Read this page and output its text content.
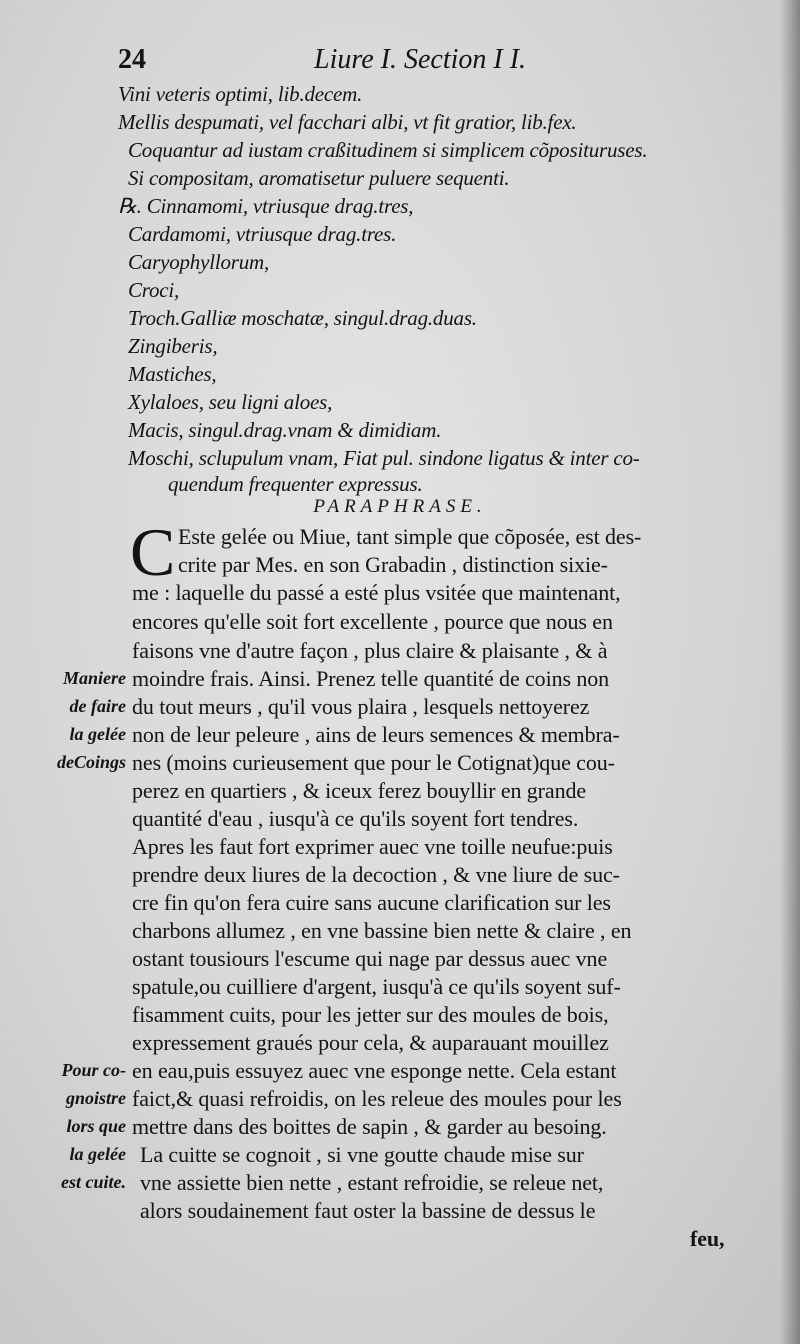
24	Liure I. Section I I.
Vini veteris optimi, lib.decem.
Mellis despumati, vel facchari albi, vt fit gratior, lib.fex.
Coquantur ad iustam craßitudinem si simplicem cõposituruses.
Si compositam, aromatisetur puluere sequenti.
℞. Cinnamomi, vtriusque drag.tres,
Cardamomi, vtriusque drag.tres.
Caryophyllorum,
Croci,
Troch.Galliæ moschatæ, singul.drag.duas.
Zingiberis,
Mastiches,
Xylaloes, seu ligni aloes,
Macis, singul.drag.vnam & dimidiam.
Moschi, sclupulum vnam, Fiat pul. sindone ligatus & inter co-
quendum frequenter expressus.
PARAPHRASE.
C Este gelée ou Miue, tant simple que cõposée, est des-
crite par Mes. en son Grabadin , distinction sixie-
me : laquelle du passé a esté plus vsitée que maintenant,
encores qu'elle soit fort excellente , pource que nous en
faisons vne d'autre façon , plus claire & plaisante , & à
moindre frais. Ainsi. Prenez telle quantité de coins non
du tout meurs , qu'il vous plaira , lesquels nettoyerez
non de leur peleure , ains de leurs semences & membra-
nes (moins curieusement que pour le Cotignat)que cou-
perez en quartiers , & iceux ferez bouyllir en grande
quantité d'eau , iusqu'à ce qu'ils soyent fort tendres.
Apres les faut fort exprimer auec vne toille neufue:puis
prendre deux liures de la decoction , & vne liure de suc-
cre fin qu'on fera cuire sans aucune clarification sur les
charbons allumez , en vne bassine bien nette & claire , en
ostant tousiours l'escume qui nage par dessus auec vne
spatule,ou cuilliere d'argent, iusqu'à ce qu'ils soyent suf-
fisamment cuits, pour les jetter sur des moules de bois,
expressement graués pour cela, & auparauant mouillez
en eau,puis essuyez auec vne esponge nette. Cela estant
faict,& quasi refroidis, on les releue des moules pour les
mettre dans des boittes de sapin , & garder au besoing.
La cuitte se cognoit , si vne goutte chaude mise sur
vne assiette bien nette , estant refroidie, se releue net,
alors soudainement faut oster la bassine de dessus le
feu,
Maniere
de faire
la gelée
deCoings
Pour co-
gnoistre
lors que
la gelée
est cuite.
